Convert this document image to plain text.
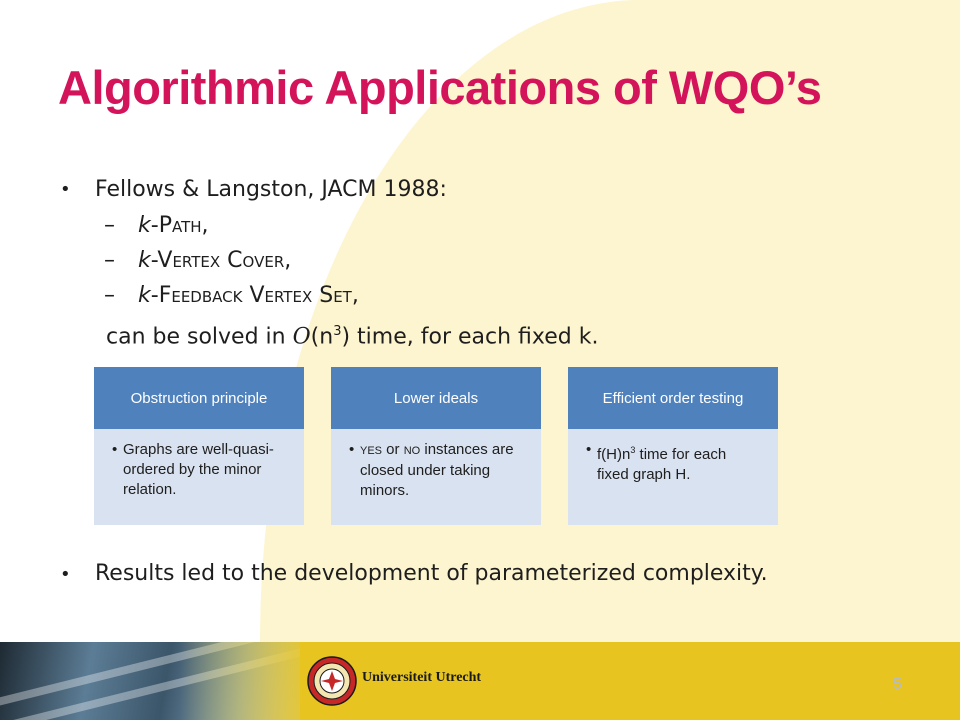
Algorithmic Applications of WQO’s
• Fellows & Langston, JACM 1988:
– k-PATH,
– k-VERTEX COVER,
– k-FEEDBACK VERTEX SET,
can be solved in $O(n^3)$ time, for each fixed k.
Obstruction principle
• Graphs are well-quasi-ordered by the minor relation.
Lower ideals
• YES or NO instances are closed under taking minors.
Efficient order testing
• $f(H)n^3$ time for each fixed graph H.
• Results led to the development of parameterized complexity.
Universiteit Utrecht	5
